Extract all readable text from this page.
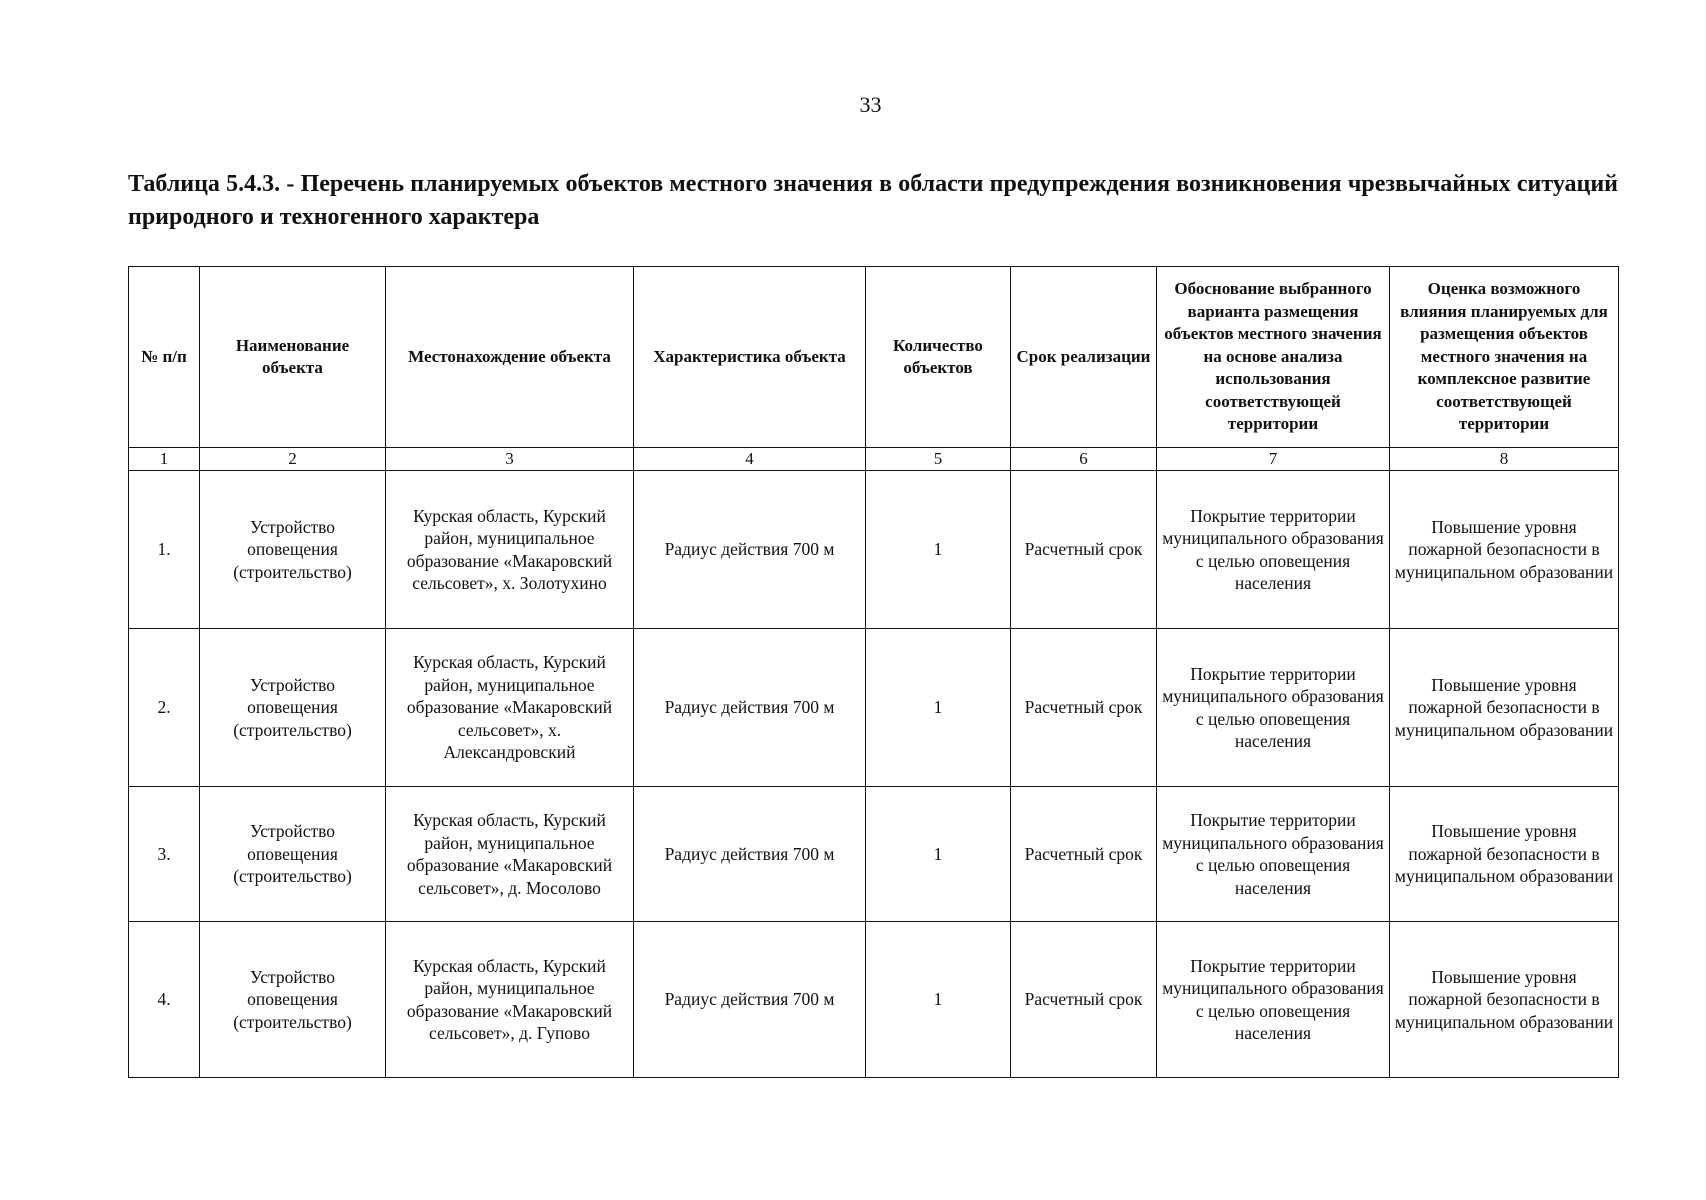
33
Таблица 5.4.3. - Перечень планируемых объектов местного значения в области предупреждения возникновения чрезвычайных ситуаций природного и техногенного характера
№ п/п	Наименование объекта	Местонахождение объекта	Характеристика объекта	Количество объектов	Срок реализации	Обоснование выбранного варианта размещения объектов местного значения на основе анализа использования соответствующей территории	Оценка возможного влияния планируемых для размещения объектов местного значения на комплексное развитие соответствующей территории
1	2	3	4	5	6	7	8
1.	Устройство оповещения (строительство)	Курская область, Курский район, муниципальное образование «Макаровский сельсовет», х. Золотухино	Радиус действия 700 м	1	Расчетный срок	Покрытие территории муниципального образования с целью оповещения населения	Повышение уровня пожарной безопасности в муниципальном образовании
2.	Устройство оповещения (строительство)	Курская область, Курский район, муниципальное образование «Макаровский сельсовет», х. Александровский	Радиус действия 700 м	1	Расчетный срок	Покрытие территории муниципального образования с целью оповещения населения	Повышение уровня пожарной безопасности в муниципальном образовании
3.	Устройство оповещения (строительство)	Курская область, Курский район, муниципальное образование «Макаровский сельсовет», д. Мосолово	Радиус действия 700 м	1	Расчетный срок	Покрытие территории муниципального образования с целью оповещения населения	Повышение уровня пожарной безопасности в муниципальном образовании
4.	Устройство оповещения (строительство)	Курская область, Курский район, муниципальное образование «Макаровский сельсовет», д. Гупово	Радиус действия 700 м	1	Расчетный срок	Покрытие территории муниципального образования с целью оповещения населения	Повышение уровня пожарной безопасности в муниципальном образовании
